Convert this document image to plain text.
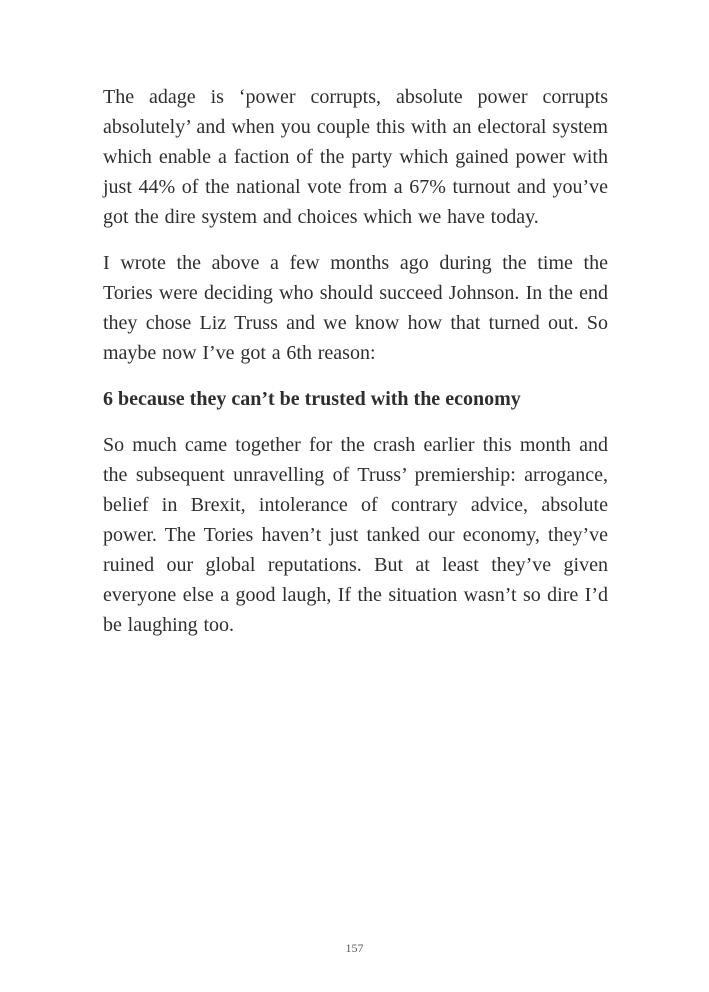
The adage is ‘power corrupts, absolute power corrupts absolutely’ and when you couple this with an electoral system which enable a faction of the party which gained power with just 44% of the national vote from a 67% turnout and you’ve got the dire system and choices which we have today.

I wrote the above a few months ago during the time the Tories were deciding who should succeed Johnson. In the end they chose Liz Truss and we know how that turned out. So maybe now I’ve got a 6th reason:

6 because they can’t be trusted with the economy

So much came together for the crash earlier this month and the subsequent unravelling of Truss’ premiership: arrogance, belief in Brexit, intolerance of contrary advice, absolute power. The Tories haven’t just tanked our economy, they’ve ruined our global reputations. But at least they’ve given everyone else a good laugh, If the situation wasn’t so dire I’d be laughing too.

157
